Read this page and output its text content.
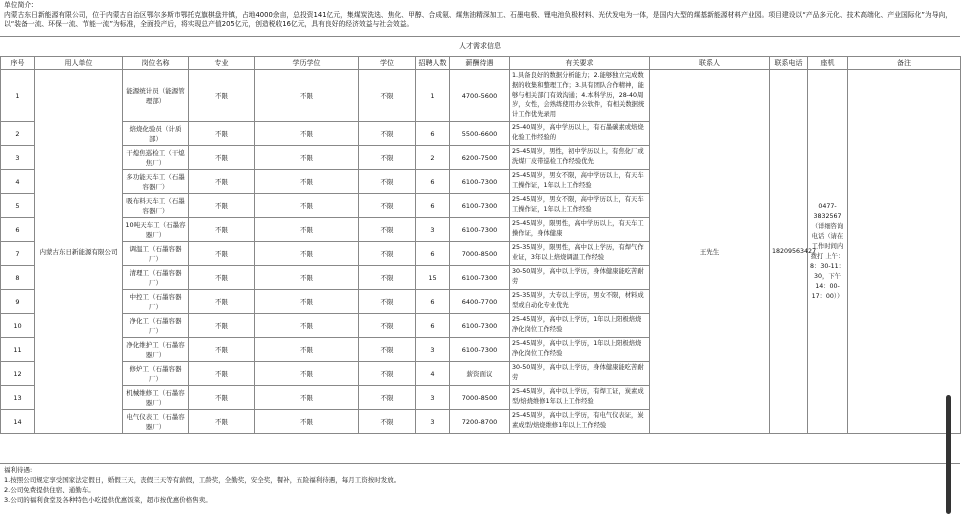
单位简介:
内蒙古东日新能源有限公司，位于内蒙古自治区鄂尔多斯市鄂托克旗棋盘井镇，占地4000余亩，总投资141亿元，集煤炭洗选、焦化、甲醇、合成氨、煤焦油精深加工、石墨电极、锂电池负极材料、光伏发电为一体，是国内大型的煤基新能源材料产业园。项目建设以“产品多元化、技术高端化、产业国际化”为导向，以“装备一流、环保一流、节能一流”为标准，全面投产后，将实现总产值205亿元，创造税收16亿元，具有良好的经济效益与社会效益。
人才需求信息
序号	用人单位	岗位名称	专业	学历学位	学位	招聘人数	薪酬待遇	有关要求	联系人	联系电话	座机	备注
1	内蒙古东日新能源有限公司	能源统计员（能源管理部）	不限	不限	不限	1	4700-5600	1.具备良好的数据分析能力；2.能够独立完成数据的收集和整理工作；3.具有团队合作精神，能够与相关部门有效沟通；4.本科学历，28-40周岁，女性，会熟练使用办公软件，有相关数据统计工作优先录用	王先生	18209563427	0477-3832567（详细咨询电话（请在工作时间内拨打 上午：8：30-11：30，下午14：00-17：00））	
2		焙烧化验员（计质部）	不限	不限	不限	6	5500-6600	25-40周岁，高中学历以上，有石墨碳素或焙烧化验工作经验的				
3		干熄焦巡检工（干熄焦厂）	不限	不限	不限	2	6200-7500	25-45周岁，男性，初中学历以上，有焦化厂或洗煤厂皮带巡检工作经验优先				
4		多功能天车工（石墨容器厂）	不限	不限	不限	6	6100-7300	25-45周岁，男女不限，高中学历以上，有天车工操作证，1年以上工作经验				
5		吸布料天车工（石墨容器厂）	不限	不限	不限	6	6100-7300	25-45周岁，男女不限，高中学历以上，有天车工操作证，1年以上工作经验				
6		10吨天车工（石墨容器厂）	不限	不限	不限	3	6100-7300	25-45周岁，限男性，高中学历以上，有天车工操作证，身体健康				
7		调温工（石墨容器厂）	不限	不限	不限	6	7000-8500	25-35周岁，限男性，高中以上学历，有焊气作业证，3年以上焙烧调温工作经验				
8		清理工（石墨容器厂）	不限	不限	不限	15	6100-7300	30-50周岁，高中以上学历，身体健康能吃苦耐劳				
9		中控工（石墨容器厂）	不限	不限	不限	6	6400-7700	25-35周岁，大专以上学历，男女不限，材料成型或自动化专业优先				
10		净化工（石墨容器厂）	不限	不限	不限	6	6100-7300	25-45周岁，高中以上学历，1年以上阳极焙烧净化岗位工作经验				
11		净化维护工（石墨容器厂）	不限	不限	不限	3	6100-7300	25-45周岁，高中以上学历，1年以上阳极焙烧净化岗位工作经验				
12		修炉工（石墨容器厂）	不限	不限	不限	4	薪资面议	30-50周岁，高中以上学历，身体健康能吃苦耐劳				
13		机械维修工（石墨容器厂）	不限	不限	不限	3	7000-8500	25-45周岁，高中以上学历，有焊工证，炭素成型/焙烧维修1年以上工作经验				
14		电气仪表工（石墨容器厂）	不限	不限	不限	3	7200-8700	25-45周岁，高中以上学历，有电气仪表证，炭素成型/焙烧维修1年以上工作经验				
福利待遇:
1.按照公司规定享受国家法定假日，婚假三天，丧假三天等有薪假，工龄奖，全勤奖，安全奖，餐补，五险福利待遇，每月工资按时发放。
2.公司免费提供住宿、通勤车。
3.公司的福利食堂及各种特色小吃提供优惠饭菜，超市按优惠价格售卖。
